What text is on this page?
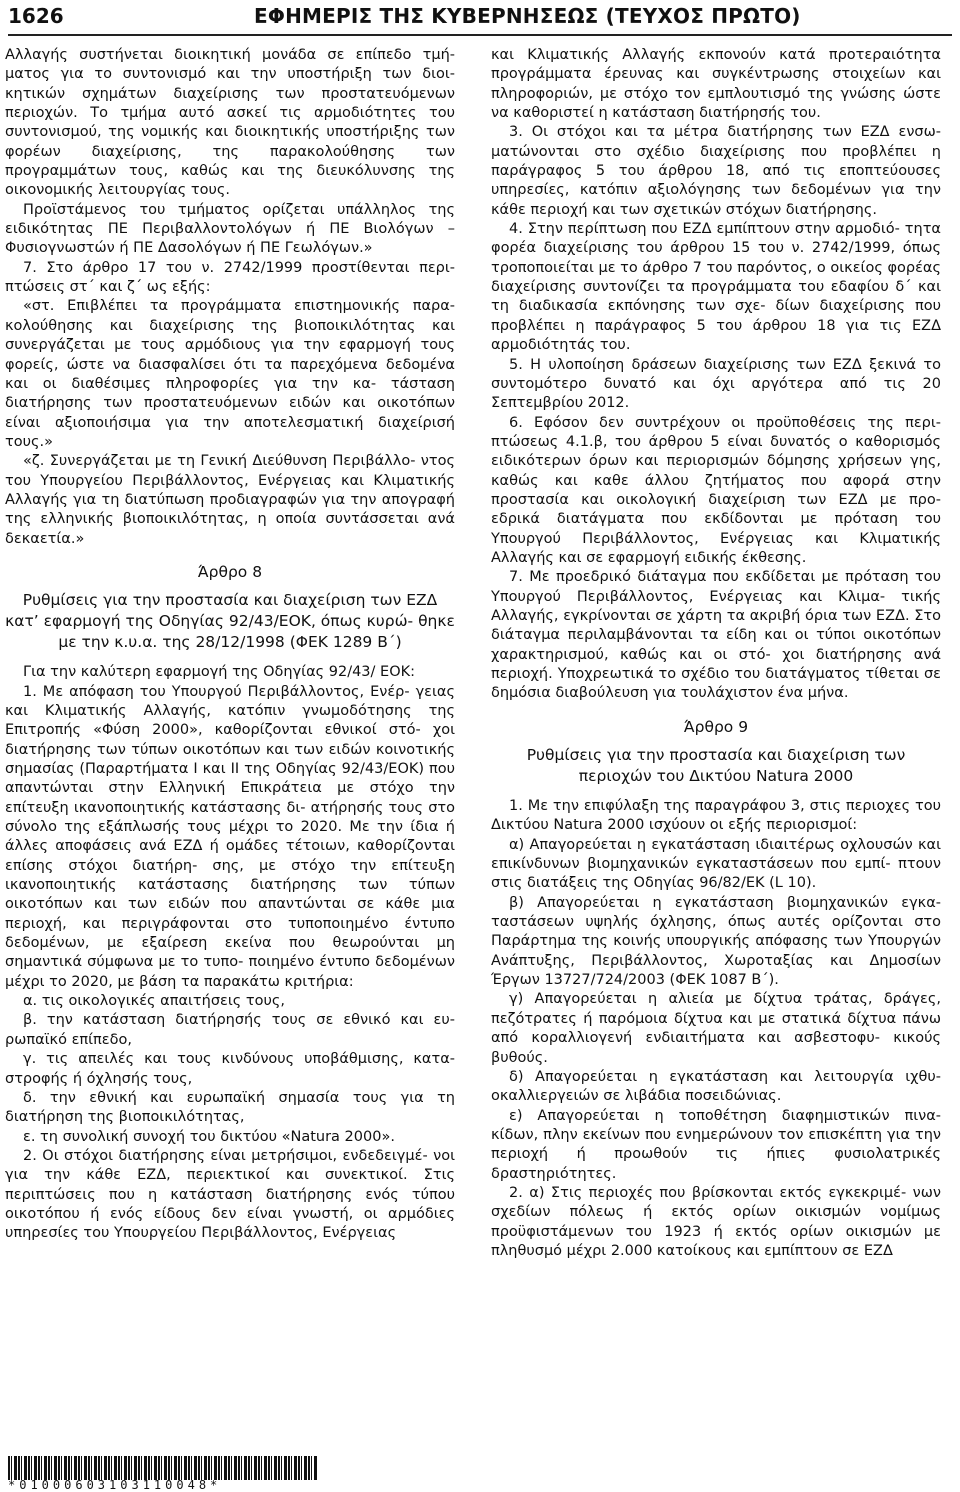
1626	ΕΦΗΜΕΡΙΣ ΤΗΣ ΚΥΒΕΡΝΗΣΕΩΣ (ΤΕΥΧΟΣ ΠΡΩΤΟ)

Αλλαγής συστήνεται διοικητική μονάδα σε επίπεδο τμή- ματος για το συντονισμό και την υποστήριξη των διοι- κητικών σχημάτων διαχείρισης των προστατευόμενων περιοχών. Το τμήμα αυτό ασκεί τις αρμοδιότητες του συντονισμού, της νομικής και διοικητικής υποστήριξης των φορέων διαχείρισης, της παρακολούθησης των προγραμμάτων τους, καθώς και της διευκόλυνσης της οικονομικής λειτουργίας τους.

Προϊστάμενος του τμήματος ορίζεται υπάλληλος της ειδικότητας ΠΕ Περιβαλλοντολόγων ή ΠΕ Βιολόγων – Φυσιογνωστών ή ΠΕ Δασολόγων ή ΠΕ Γεωλόγων.»

7. Στο άρθρο 17 του ν. 2742/1999 προστίθενται περι- πτώσεις στ΄ και ζ΄ ως εξής:

«στ. Επιβλέπει τα προγράμματα επιστημονικής παρα- κολούθησης και διαχείρισης της βιοποικιλότητας και συνεργάζεται με τους αρμόδιους για την εφαρμογή τους φορείς, ώστε να διασφαλίσει ότι τα παρεχόμενα δεδομένα και οι διαθέσιμες πληροφορίες για την κα- τάσταση διατήρησης των προστατευόμενων ειδών και οικοτόπων είναι αξιοποιήσιμα για την αποτελεσματική διαχείρισή τους.»

«ζ. Συνεργάζεται με τη Γενική Διεύθυνση Περιβάλλο- ντος του Υπουργείου Περιβάλλοντος, Ενέργειας και Κλιματικής Αλλαγής για τη διατύπωση προδιαγραφών για την απογραφή της ελληνικής βιοποικιλότητας, η οποία συντάσσεται ανά δεκαετία.»

Άρθρο 8

Ρυθμίσεις για την προστασία και διαχείριση των ΕΖΔ κατ’ εφαρμογή της Οδηγίας 92/43/ΕΟΚ, όπως κυρώ- θηκε με την κ.υ.α. της 28/12/1998 (ΦΕΚ 1289 Β΄)

Για την καλύτερη εφαρμογή της Οδηγίας 92/43/ ΕΟΚ:

1. Με απόφαση του Υπουργού Περιβάλλοντος, Ενέρ- γειας και Κλιματικής Αλλαγής, κατόπιν γνωμοδότησης της Επιτροπής «Φύση 2000», καθορίζονται εθνικοί στό- χοι διατήρησης των τύπων οικοτόπων και των ειδών κοινοτικής σημασίας (Παραρτήματα Ι και ΙΙ της Οδηγίας 92/43/ΕΟΚ) που απαντώνται στην Ελληνική Επικράτεια με στόχο την επίτευξη ικανοποιητικής κατάστασης δι- ατήρησής τους στο σύνολο της εξάπλωσής τους μέχρι το 2020. Με την ίδια ή άλλες αποφάσεις ανά ΕΖΔ ή ομάδες τέτοιων, καθορίζονται επίσης στόχοι διατήρη- σης, με στόχο την επίτευξη ικανοποιητικής κατάστασης διατήρησης των τύπων οικοτόπων και των ειδών που απαντώνται σε κάθε μια περιοχή, και περιγράφονται στο τυποποιημένο έντυπο δεδομένων, με εξαίρεση εκείνα που θεωρούνται μη σημαντικά σύμφωνα με το τυπο- ποιημένο έντυπο δεδομένων μέχρι το 2020, με βάση τα παρακάτω κριτήρια:

α. τις οικολογικές απαιτήσεις τους,

β. την κατάσταση διατήρησής τους σε εθνικό και ευ- ρωπαϊκό επίπεδο,

γ. τις απειλές και τους κινδύνους υποβάθμισης, κατα- στροφής ή όχλησής τους,

δ. την εθνική και ευρωπαϊκή σημασία τους για τη διατήρηση της βιοποικιλότητας,

ε. τη συνολική συνοχή του δικτύου «Natura 2000».

2. Οι στόχοι διατήρησης είναι μετρήσιμοι, ενδεδειγμέ- νοι για την κάθε ΕΖΔ, περιεκτικοί και συνεκτικοί. Στις περιπτώσεις που η κατάσταση διατήρησης ενός τύπου οικοτόπου ή ενός είδους δεν είναι γνωστή, οι αρμόδιες υπηρεσίες του Υπουργείου Περιβάλλοντος, Ενέργειας

και Κλιματικής Αλλαγής εκπονούν κατά προτεραιότητα προγράμματα έρευνας και συγκέντρωσης στοιχείων και πληροφοριών, με στόχο τον εμπλουτισμό της γνώσης ώστε να καθοριστεί η κατάσταση διατήρησής του.

3. Οι στόχοι και τα μέτρα διατήρησης των ΕΖΔ ενσω- ματώνονται στο σχέδιο διαχείρισης που προβλέπει η παράγραφος 5 του άρθρου 18, από τις εποπτεύουσες υπηρεσίες, κατόπιν αξιολόγησης των δεδομένων για την κάθε περιοχή και των σχετικών στόχων διατήρησης.

4. Στην περίπτωση που ΕΖΔ εμπίπτουν στην αρμοδιό- τητα φορέα διαχείρισης του άρθρου 15 του ν. 2742/1999, όπως τροποποιείται με το άρθρο 7 του παρόντος, ο οικείος φορέας διαχείρισης συντονίζει τα προγράμματα του εδαφίου δ΄ και τη διαδικασία εκπόνησης των σχε- δίων διαχείρισης που προβλέπει η παράγραφος 5 του άρθρου 18 για τις ΕΖΔ αρμοδιότητάς του.

5. Η υλοποίηση δράσεων διαχείρισης των ΕΖΔ ξεκινά το συντομότερο δυνατό και όχι αργότερα από τις 20 Σεπτεμβρίου 2012.

6. Εφόσον δεν συντρέχουν οι προϋποθέσεις της περι- πτώσεως 4.1.β, του άρθρου 5 είναι δυνατός ο καθορισμός ειδικότερων όρων και περιορισμών δόμησης χρήσεων γης, καθώς και καθε άλλου ζητήματος που αφορά στην προστασία και οικολογική διαχείριση των ΕΖΔ με προ- εδρικά διατάγματα που εκδίδονται με πρόταση του Υπουργού Περιβάλλοντος, Ενέργειας και Κλιματικής Αλλαγής και σε εφαρμογή ειδικής έκθεσης.

7. Με προεδρικό διάταγμα που εκδίδεται με πρόταση του Υπουργού Περιβάλλοντος, Ενέργειας και Κλιμα- τικής Αλλαγής, εγκρίνονται σε χάρτη τα ακριβή όρια των ΕΖΔ. Στο διάταγμα περιλαμβάνονται τα είδη και οι τύποι οικοτόπων χαρακτηρισμού, καθώς και οι στό- χοι διατήρησης ανά περιοχή. Υποχρεωτικά το σχέδιο του διατάγματος τίθεται σε δημόσια διαβούλευση για τουλάχιστον ένα μήνα.

Άρθρο 9

Ρυθμίσεις για την προστασία και διαχείριση των περιοχών του Δικτύου Natura 2000

1. Με την επιφύλαξη της παραγράφου 3, στις περιοχες του Δικτύου Natura 2000 ισχύουν οι εξής περιορισμοί:

α) Απαγορεύεται η εγκατάσταση ιδιαιτέρως οχλουσών και επικίνδυνων βιομηχανικών εγκαταστάσεων που εμπί- πτουν στις διατάξεις της Οδηγίας 96/82/ΕΚ (L 10).

β) Απαγορεύεται η εγκατάσταση βιομηχανικών εγκα- ταστάσεων υψηλής όχλησης, όπως αυτές ορίζονται στο Παράρτημα της κοινής υπουργικής απόφασης των Υπουργών Ανάπτυξης, Περιβάλλοντος, Χωροταξίας και Δημοσίων Έργων 13727/724/2003 (ΦΕΚ 1087 Β΄).

γ) Απαγορεύεται η αλιεία με δίχτυα τράτας, δράγες, πεζότρατες ή παρόμοια δίχτυα και με στατικά δίχτυα πάνω από κοραλλιογενή ενδιαιτήματα και ασβεστοφυ- κικούς βυθούς.

δ) Απαγορεύεται η εγκατάσταση και λειτουργία ιχθυ- οκαλλιεργειών σε λιβάδια ποσειδώνιας.

ε) Απαγορεύεται η τοποθέτηση διαφημιστικών πινα- κίδων, πλην εκείνων που ενημερώνουν τον επισκέπτη για την περιοχή ή προωθούν τις ήπιες φυσιολατρικές δραστηριότητες.

2. α) Στις περιοχές που βρίσκονται εκτός εγκεκριμέ- νων σχεδίων πόλεως ή εκτός ορίων οικισμών νομίμως προϋφιστάμενων του 1923 ή εκτός ορίων οικισμών με πληθυσμό μέχρι 2.000 κατοίκους και εμπίπτουν σε ΕΖΔ

*01000603103110048*
